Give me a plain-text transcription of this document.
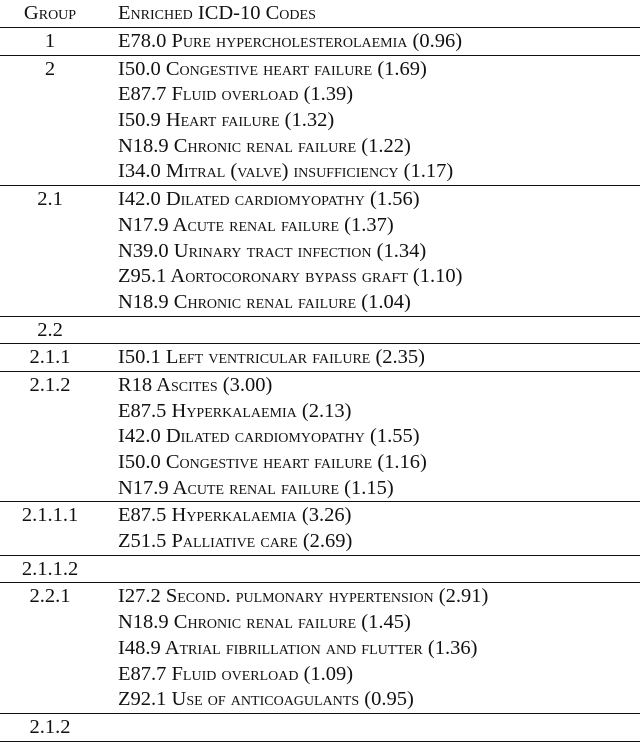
Group	Enriched ICD-10 Codes
1	E78.0 Pure hypercholesterolaemia (0.96)
2	I50.0 Congestive heart failure (1.69)
E87.7 Fluid overload (1.39)
I50.9 Heart failure (1.32)
N18.9 Chronic renal failure (1.22)
I34.0 Mitral (valve) insufficiency (1.17)
2.1	I42.0 Dilated cardiomyopathy (1.56)
N17.9 Acute renal failure (1.37)
N39.0 Urinary tract infection (1.34)
Z95.1 Aortocoronary bypass graft (1.10)
N18.9 Chronic renal failure (1.04)
2.2
2.1.1	I50.1 Left ventricular failure (2.35)
2.1.2	R18 Ascites (3.00)
E87.5 Hyperkalaemia (2.13)
I42.0 Dilated cardiomyopathy (1.55)
I50.0 Congestive heart failure (1.16)
N17.9 Acute renal failure (1.15)
2.1.1.1	E87.5 Hyperkalaemia (3.26)
Z51.5 Palliative care (2.69)
2.1.1.2
2.2.1	I27.2 Second. pulmonary hypertension (2.91)
N18.9 Chronic renal failure (1.45)
I48.9 Atrial fibrillation and flutter (1.36)
E87.7 Fluid overload (1.09)
Z92.1 Use of anticoagulants (0.95)
2.1.2
